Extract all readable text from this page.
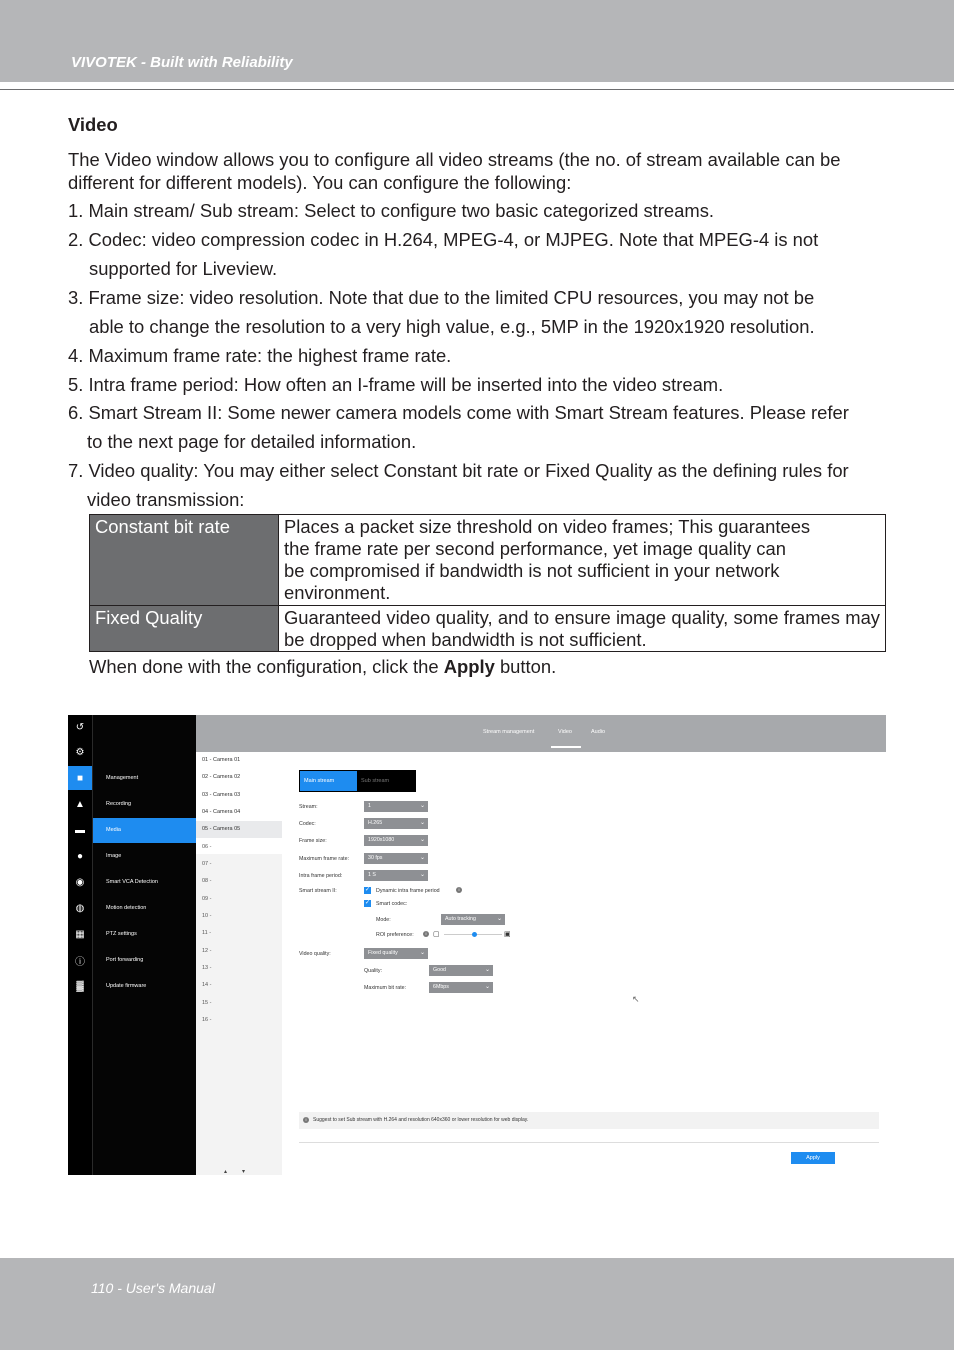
VIVOTEK - Built with Reliability
Video
The Video window allows you to configure all video streams (the no. of stream available can be
different for different models). You can configure the following:
1. Main stream/ Sub stream: Select to configure two basic categorized streams.
2. Codec: video compression codec in H.264, MPEG-4, or MJPEG. Note that MPEG-4 is not
supported for Liveview.
3. Frame size: video resolution. Note that due to the limited CPU resources, you may not be
able to change the resolution to a very high value, e.g., 5MP in the 1920x1920 resolution.
4. Maximum frame rate: the highest frame rate.
5. Intra frame period: How often an I-frame will be inserted into the video stream.
6. Smart Stream II: Some newer camera models come with Smart Stream features. Please refer
to the next page for detailed information.
7. Video quality: You may either select Constant bit rate or Fixed Quality as the defining rules for
video transmission:
Constant bit rate	Places a packet size threshold on video frames; This guarantees
the frame rate per second performance, yet image quality can
be compromised if bandwidth is not sufficient in your network
environment.

Fixed Quality	Guaranteed video quality, and to ensure image quality, some frames may be dropped when bandwidth is not sufficient.
When done with the configuration, click the Apply button.
↺
⚙
■
▲
▬
●
◉
◍
▦
ⓘ
▓
Management
Recording
Media
Image
Smart VCA Detection
Motion detection
PTZ settings
Port forwarding
Update firmware
Stream management	Video	Audio
01 - Camera 01
02 - Camera 02
03 - Camera 03
04 - Camera 04
05 - Camera 05
06 -
07 -
08 -
09 -
10 -
11 -
12 -
13 -
14 -
15 -
16 -
▴         ▾
Main stream	Sub stream
Stream:	1	⌄
Codec:	H.265	⌄
Frame size:	1920x1080	⌄
Maximum frame rate:	30 fps	⌄
Intra frame period:	1 S	⌄
Smart stream II:	✓ Dynamic intra frame period	i
✓ Smart codec:
Mode:	Auto tracking	⌄
ROI preference:	i ▢	▣
Video quality:	Fixed quality	⌄
Quality:	Good	⌄
Maximum bit rate:	6Mbps	⌄
↖
i	Suggest to set Sub stream with H.264 and resolution 640x360 or lower resolution for web display.
Apply
110 - User's Manual
